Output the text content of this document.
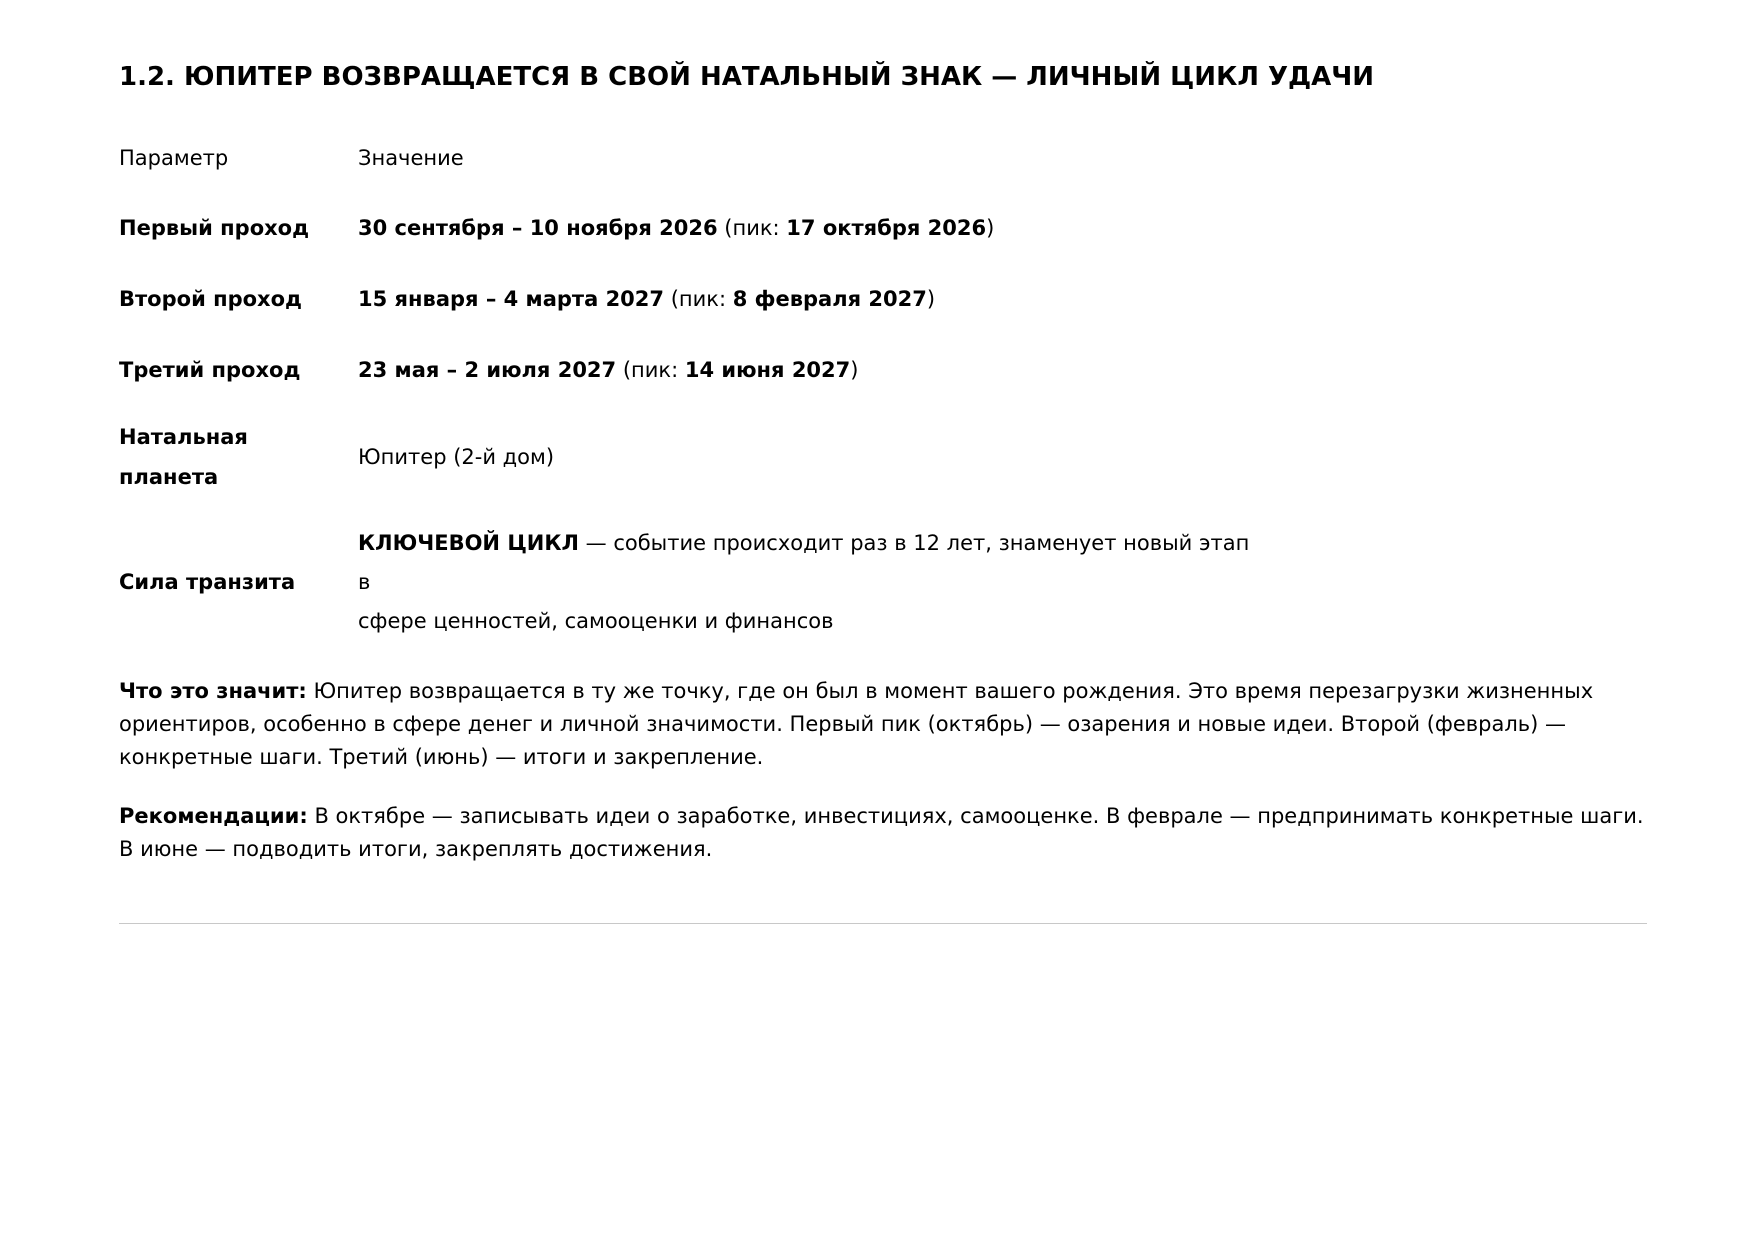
1.2. ЮПИТЕР ВОЗВРАЩАЕТСЯ В СВОЙ НАТАЛЬНЫЙ ЗНАК — ЛИЧНЫЙ ЦИКЛ УДАЧИ
Параметр	Значение
Первый проход	30 сентября – 10 ноября 2026 (пик: 17 октября 2026)
Второй проход	15 января – 4 марта 2027 (пик: 8 февраля 2027)
Третий проход	23 мая – 2 июля 2027 (пик: 14 июня 2027)
Натальная
планета	Юпитер (2-й дом)
Сила транзита	КЛЮЧЕВОЙ ЦИКЛ — событие происходит раз в 12 лет, знаменует новый этап в
сфере ценностей, самооценки и финансов

Что это значит: Юпитер возвращается в ту же точку, где он был в момент вашего рождения. Это время перезагрузки жизненных ориентиров, особенно в сфере денег и личной значимости. Первый пик (октябрь) — озарения и новые идеи. Второй (февраль) — конкретные шаги. Третий (июнь) — итоги и закрепление.

Рекомендации: В октябре — записывать идеи о заработке, инвестициях, самооценке. В феврале — предпринимать конкретные шаги. В июне — подводить итоги, закреплять достижения.
